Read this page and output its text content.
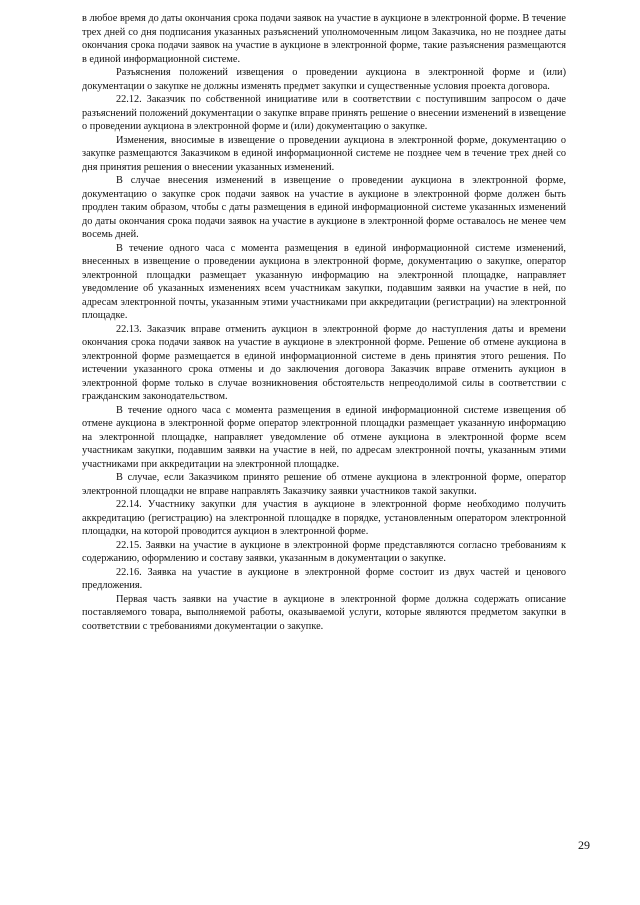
в любое время до даты окончания срока подачи заявок на участие в аукционе в электронной форме. В течение трех дней со дня подписания указанных разъяснений уполномоченным лицом Заказчика, но не позднее даты окончания срока подачи заявок на участие в аукционе в электронной форме, такие разъяснения размещаются в единой информационной системе.

Разъяснения положений извещения о проведении аукциона в электронной форме и (или) документации о закупке не должны изменять предмет закупки и существенные условия проекта договора.

22.12. Заказчик по собственной инициативе или в соответствии с поступившим запросом о даче разъяснений положений документации о закупке вправе принять решение о внесении изменений в извещение о проведении аукциона в электронной форме и (или) документацию о закупке.

Изменения, вносимые в извещение о проведении аукциона в электронной форме, документацию о закупке размещаются Заказчиком в единой информационной системе не позднее чем в течение трех дней со дня принятия решения о внесении указанных изменений.

В случае внесения изменений в извещение о проведении аукциона в электронной форме, документацию о закупке срок подачи заявок на участие в аукционе в электронной форме должен быть продлен таким образом, чтобы с даты размещения в единой информационной системе указанных изменений до даты окончания срока подачи заявок на участие в аукционе в электронной форме оставалось не менее чем восемь дней.

В течение одного часа с момента размещения в единой информационной системе изменений, внесенных в извещение о проведении аукциона в электронной форме, документацию о закупке, оператор электронной площадки размещает указанную информацию на электронной площадке, направляет уведомление об указанных изменениях всем участникам закупки, подавшим заявки на участие в ней, по адресам электронной почты, указанным этими участниками при аккредитации (регистрации) на электронной площадке.

22.13. Заказчик вправе отменить аукцион в электронной форме до наступления даты и времени окончания срока подачи заявок на участие в аукционе в электронной форме. Решение об отмене аукциона в электронной форме размещается в единой информационной системе в день принятия этого решения. По истечении указанного срока отмены и до заключения договора Заказчик вправе отменить аукцион в электронной форме только в случае возникновения обстоятельств непреодолимой силы в соответствии с гражданским законодательством.

В течение одного часа с момента размещения в единой информационной системе извещения об отмене аукциона в электронной форме оператор электронной площадки размещает указанную информацию на электронной площадке, направляет уведомление об отмене аукциона в электронной форме всем участникам закупки, подавшим заявки на участие в ней, по адресам электронной почты, указанным этими участниками при аккредитации на электронной площадке.

В случае, если Заказчиком принято решение об отмене аукциона в электронной форме, оператор электронной площадки не вправе направлять Заказчику заявки участников такой закупки.

22.14. Участнику закупки для участия в аукционе в электронной форме необходимо получить аккредитацию (регистрацию) на электронной площадке в порядке, установленным оператором электронной площадки, на которой проводится аукцион в электронной форме.

22.15. Заявки на участие в аукционе в электронной форме представляются согласно требованиям к содержанию, оформлению и составу заявки, указанным в документации о закупке.

22.16. Заявка на участие в аукционе в электронной форме состоит из двух частей и ценового предложения.

Первая часть заявки на участие в аукционе в электронной форме должна содержать описание поставляемого товара, выполняемой работы, оказываемой услуги, которые являются предметом закупки в соответствии с требованиями документации о закупке.

29
